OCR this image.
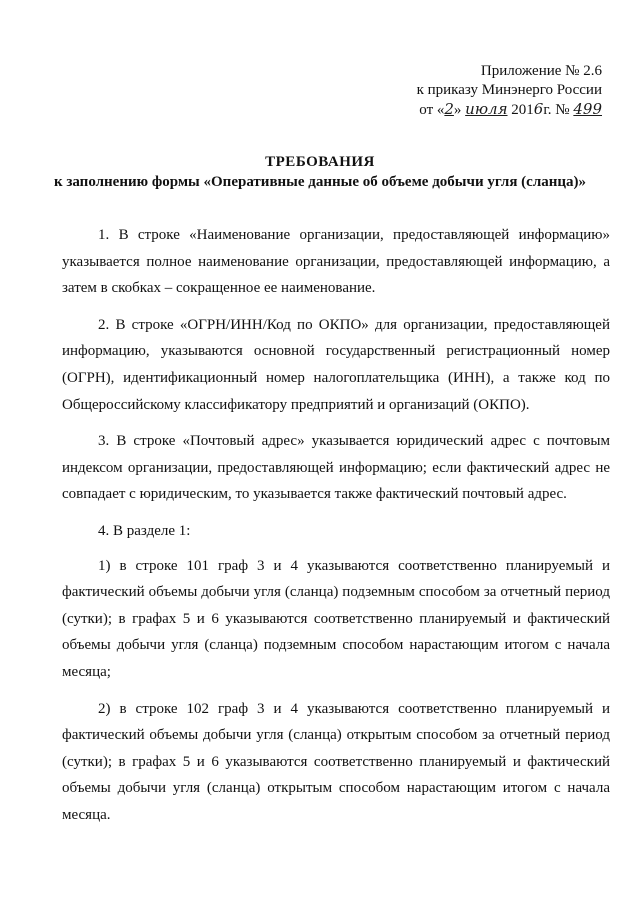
Приложение № 2.6
к приказу Минэнерго России
от «2» июля 2016г. № 499
ТРЕБОВАНИЯ
к заполнению формы «Оперативные данные об объеме добычи угля (сланца)»

1. В строке «Наименование организации, предоставляющей информацию» указывается полное наименование организации, предоставляющей информацию, а затем в скобках – сокращенное ее наименование.

2. В строке «ОГРН/ИНН/Код по ОКПО» для организации, предоставляющей информацию, указываются основной государственный регистрационный номер (ОГРН), идентификационный номер налогоплательщика (ИНН), а также код по Общероссийскому классификатору предприятий и организаций (ОКПО).

3. В строке «Почтовый адрес» указывается юридический адрес с почтовым индексом организации, предоставляющей информацию; если фактический адрес не совпадает с юридическим, то указывается также фактический почтовый адрес.

4. В разделе 1:

1) в строке 101 граф 3 и 4 указываются соответственно планируемый и фактический объемы добычи угля (сланца) подземным способом за отчетный период (сутки); в графах 5 и 6 указываются соответственно планируемый и фактический объемы добычи угля (сланца) подземным способом нарастающим итогом с начала месяца;

2) в строке 102 граф 3 и 4 указываются соответственно планируемый и фактический объемы добычи угля (сланца) открытым способом за отчетный период (сутки); в графах 5 и 6 указываются соответственно планируемый и фактический объемы добычи угля (сланца) открытым способом нарастающим итогом с начала месяца.
